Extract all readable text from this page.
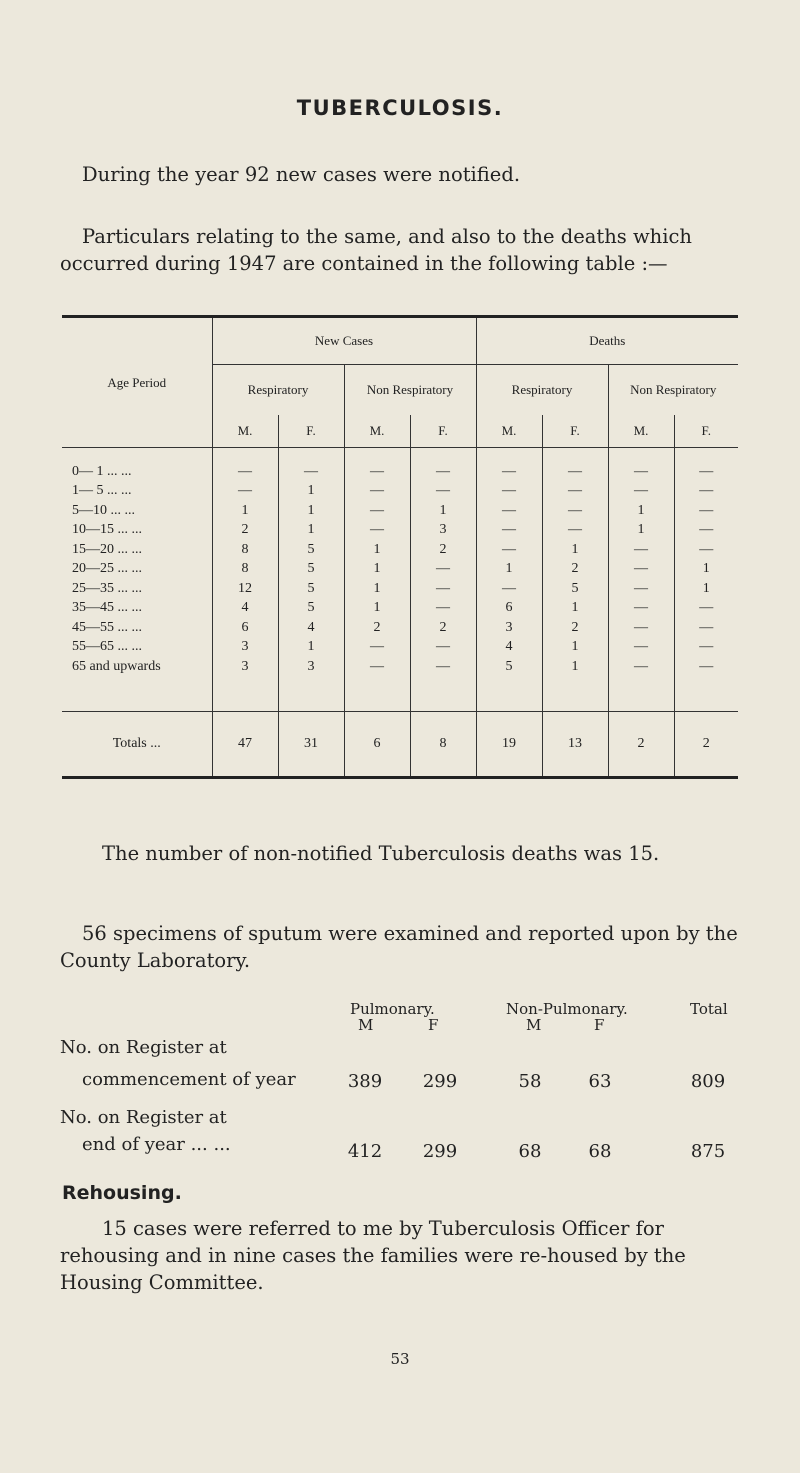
TUBERCULOSIS.
During the year 92 new cases were notified.
Particulars relating to the same, and also to the deaths which occurred during 1947 are contained in the following table :—
Age Period	New Cases				Deaths			
	Respiratory		Non Respiratory		Respiratory		Non Respiratory	
	M.	F.	M.	F.	M.	F.	M.	F.

0— 1 ... ...	—	—	—	—	—	—	—	—
1— 5 ... ...	—	1	—	—	—	—	—	—
5—10 ... ...	1	1	—	1	—	—	1	—
10—15 ... ...	2	1	—	3	—	—	1	—
15—20 ... ...	8	5	1	2	—	1	—	—
20—25 ... ...	8	5	1	—	1	2	—	1
25—35 ... ...	12	5	1	—	—	5	—	1
35—45 ... ...	4	5	1	—	6	1	—	—
45—55 ... ...	6	4	2	2	3	2	—	—
55—65 ... ...	3	1	—	—	4	1	—	—
65 and upwards	3	3	—	—	5	1	—	—

Totals ...	47	31	6	8	19	13	2	2
The number of non-notified Tuberculosis deaths was 15.
56 specimens of sputum were examined and reported upon by the County Laboratory.
Pulmonary.	Non-Pulmonary.	Total
M	F	M	F
No. on Register at
commencement of year	389	299	58	63	809
No. on Register at
end of year ... ...	412	299	68	68	875
Rehousing.
15 cases were referred to me by Tuberculosis Officer for rehousing and in nine cases the families were re-housed by the Housing Committee.
53
